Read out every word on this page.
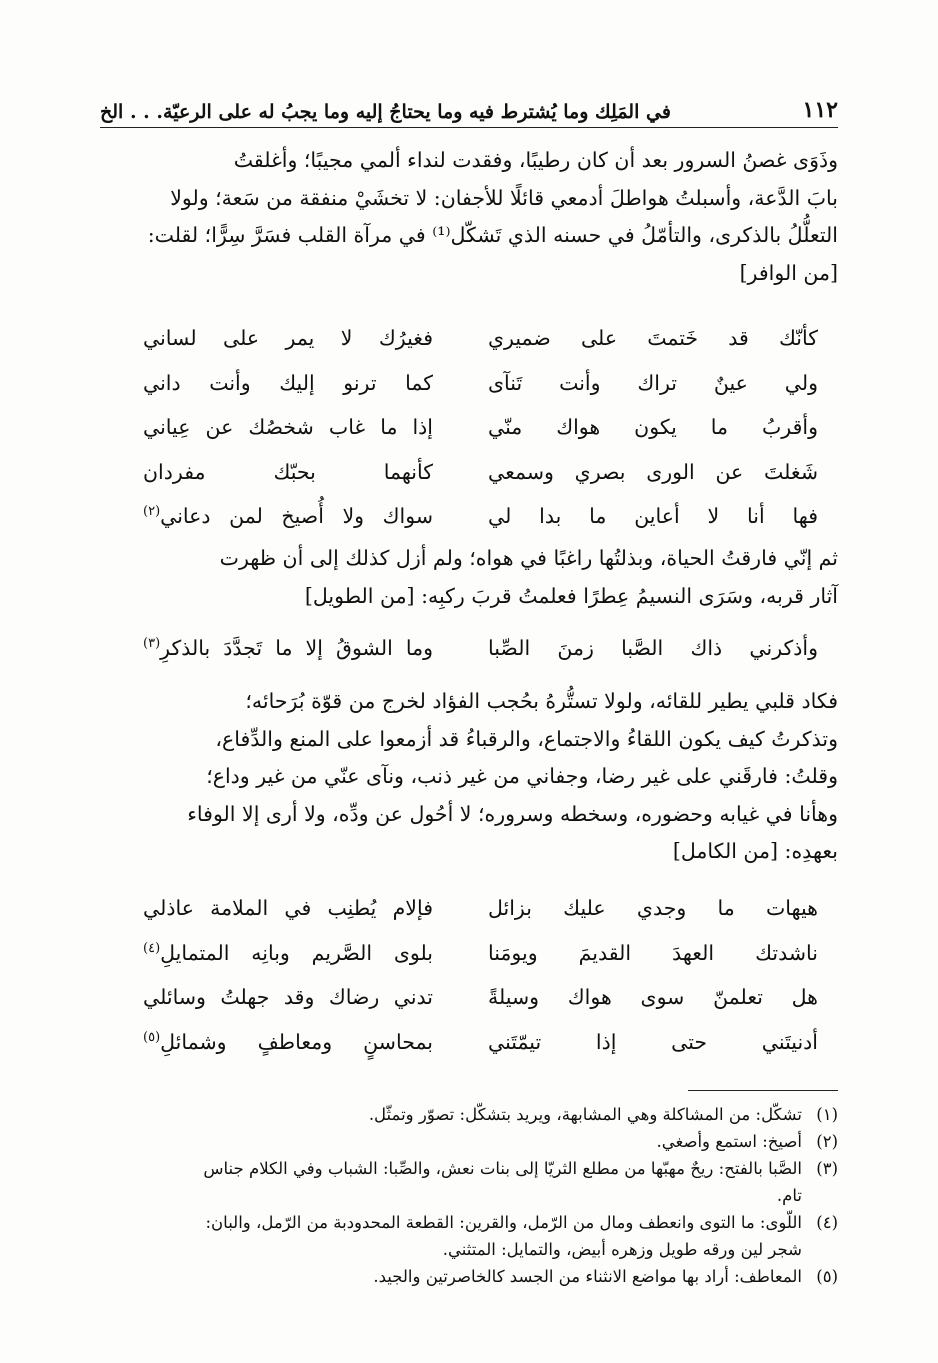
١١٢
في المَلِك وما يُشترط فيه وما يحتاجُ إليه وما يجبُ له على الرعيّة. . . الخ

وذَوَى غصنُ السرور بعد أن كان رطيبًا، وفقدت لنداء ألمي مجيبًا؛ وأغلقتُ

بابَ الدَّعة، وأسبلتُ هواطلَ أدمعي قائلًا للأجفان: لا تخشَيْ منفقة من سَعة؛ ولولا

التعلُّلُ بالذكرى، والتأمّلُ في حسنه الذي تَشكّل⁽¹⁾ في مرآة القلب فسَرَّ سِرًّا؛ لقلت:

[من الوافر]

كأنّك قد خَتمتَ على ضميري
فغيرُك لا يمر على لساني
ولي عينٌ تراك وأنت تَنآى
كما ترنو إليك وأنت داني
وأقربُ ما يكون هواك منّي
إذا ما غاب شخصُك عن عِياني
شَغلتَ عن الورى بصري وسمعي
كأنهما بحبّك مفردان
فها أنا لا أعاين ما بدا لي
سواك ولا أُصيخ لمن دعاني$^{(٢)}$

ثم إنّي فارقتُ الحياة، وبذلتُها راغبًا في هواه؛ ولم أزل كذلك إلى أن ظهرت

آثار قربه، وسَرَى النسيمُ عِطرًا فعلمتُ قربَ ركبِه: [من الطويل]

وأذكرني ذاك الصَّبا زمنَ الصِّبا
وما الشوقُ إلا ما تَجدَّدَ بالذكرِ$^{(٣)}$

فكاد قلبي يطير للقائه، ولولا تستُّرهُ بحُجب الفؤاد لخرج من قوّة بُرَحائه؛

وتذكرتُ كيف يكون اللقاءُ والاجتماع، والرقباءُ قد أزمعوا على المنع والدِّفاع،

وقلتُ: فارقَني على غير رضا، وجفاني من غير ذنب، ونآى عنّي من غير وداع؛

وهأنا في غيابه وحضوره، وسخطه وسروره؛ لا أحُول عن ودِّه، ولا أرى إلا الوفاء

بعهدِه: [من الكامل]

هيهات ما وجدي عليك بزائل
فإلام يُطنِب في الملامة عاذلي
ناشدتك العهدَ القديمَ ويومَنا
بلوى الصَّريم وبانِه المتمايلِ$^{(٤)}$
هل تعلمنّ سوى هواك وسيلةً
تدني رضاك وقد جهلتُ وسائلي
أدنيتَني حتى إذا تيمّتَني
بمحاسنٍ ومعاطفٍ وشمائلِ$^{(٥)}$
(١)
تشكّل: من المشاكلة وهي المشابهة، ويريد بتشكّل: تصوّر وتمثّل.
(٢)
أصيخ: استمع وأصغي.
(٣)
الصَّبا بالفتح: ريحٌ مهبّها من مطلع الثريّا إلى بنات نعش، والصِّبا: الشباب وفي الكلام جناس
تام.
(٤)
اللّوى: ما التوى وانعطف ومال من الرّمل، والقرين: القطعة المحدودبة من الرّمل، والبان:
شجر لين ورقه طويل وزهره أبيض، والتمايل: المتثني.
(٥)
المعاطف: أراد بها مواضع الانثناء من الجسد كالخاصرتين والجيد.
